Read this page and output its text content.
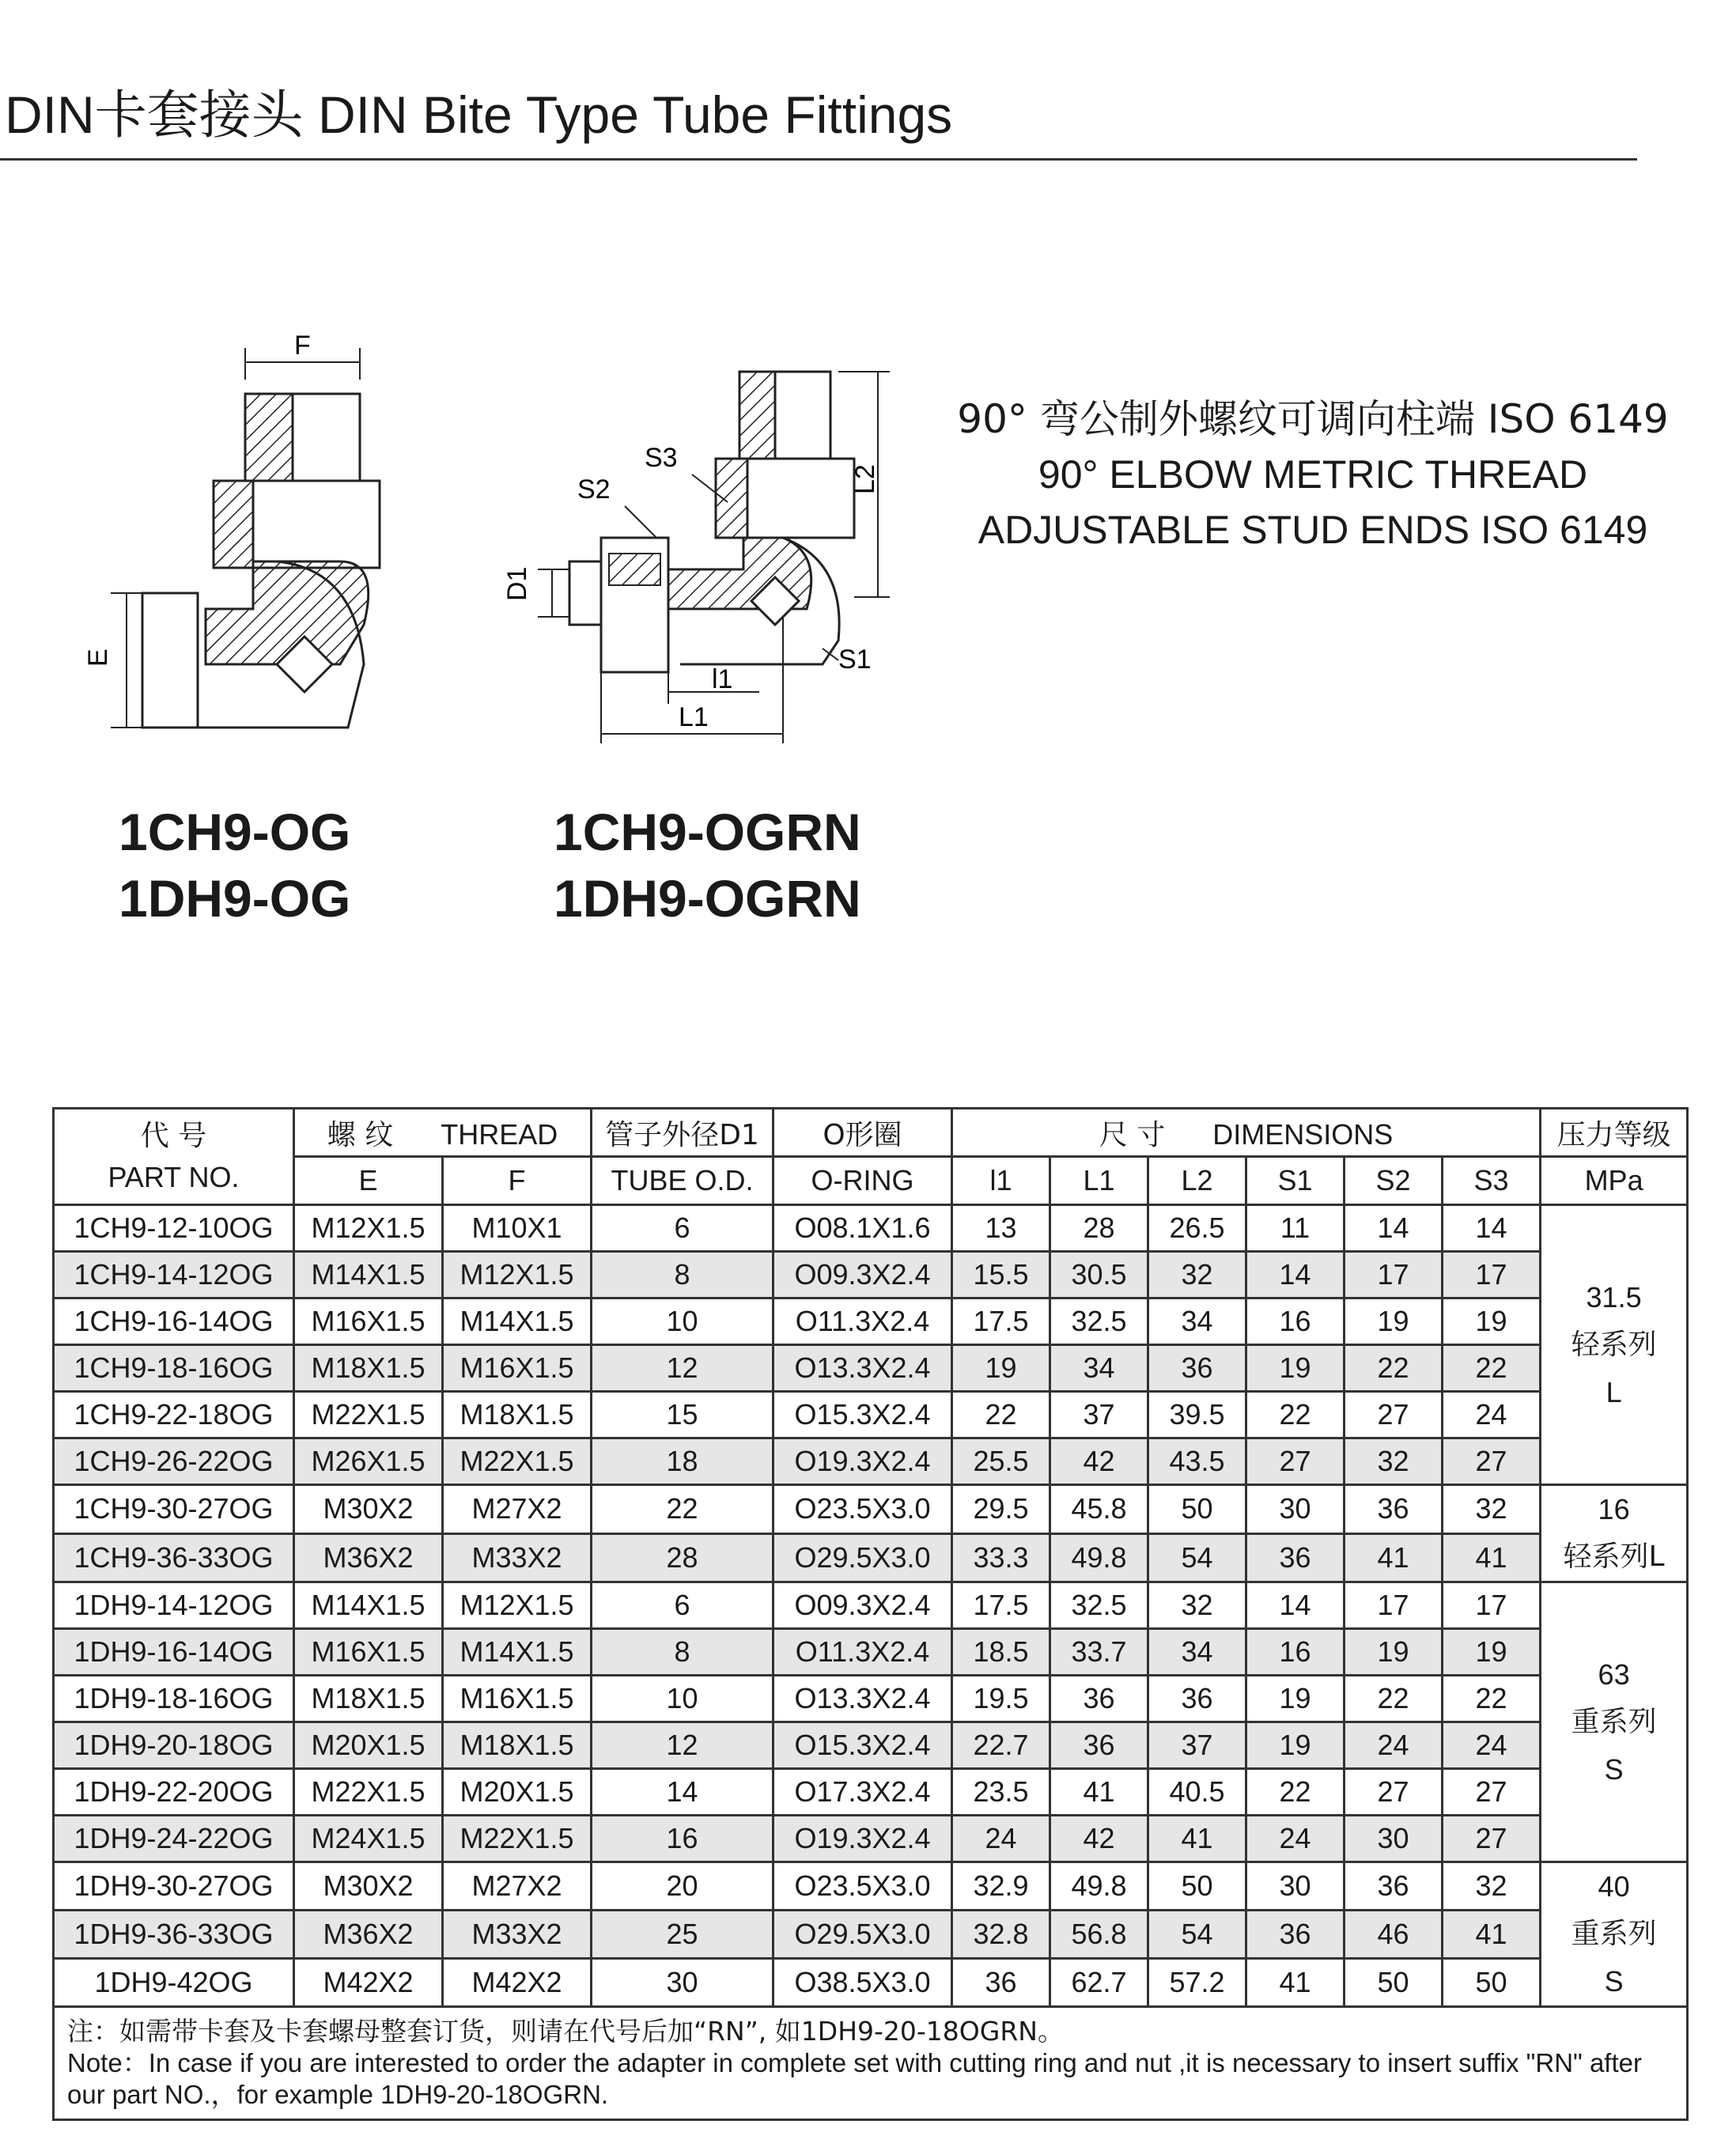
DIN卡套接头 DIN Bite Type Tube Fittings
F
E
S3
S2
D1
L2
S1
l1
L1
1CH9-OG
1DH9-OG
1CH9-OGRN
1DH9-OGRN
90° 弯公制外螺纹可调向柱端 ISO 6149
90° ELBOW METRIC THREAD
ADJUSTABLE STUD ENDS ISO 6149
代 号
PART NO.	螺 纹 THREAD		管子外径D1	O形圈	尺 寸 DIMENSIONS						压力等级
	E	F	TUBE O.D.	O-RING	l1	L1	L2	S1	S2	S3	MPa
1CH9-12-10OG	M12X1.5	M10X1	6	O08.1X1.6	13	28	26.5	11	14	14	31.5
轻系列
L

1CH9-14-12OG	M14X1.5	M12X1.5	8	O09.3X2.4	15.5	30.5	32	14	17	17	
1CH9-16-14OG	M16X1.5	M14X1.5	10	O11.3X2.4	17.5	32.5	34	16	19	19	
1CH9-18-16OG	M18X1.5	M16X1.5	12	O13.3X2.4	19	34	36	19	22	22	
1CH9-22-18OG	M22X1.5	M18X1.5	15	O15.3X2.4	22	37	39.5	22	27	24	
1CH9-26-22OG	M26X1.5	M22X1.5	18	O19.3X2.4	25.5	42	43.5	27	32	27	
1CH9-30-27OG	M30X2	M27X2	22	O23.5X3.0	29.5	45.8	50	30	36	32	16
轻系列L

1CH9-36-33OG	M36X2	M33X2	28	O29.5X3.0	33.3	49.8	54	36	41	41	
1DH9-14-12OG	M14X1.5	M12X1.5	6	O09.3X2.4	17.5	32.5	32	14	17	17	63
重系列
S

1DH9-16-14OG	M16X1.5	M14X1.5	8	O11.3X2.4	18.5	33.7	34	16	19	19	
1DH9-18-16OG	M18X1.5	M16X1.5	10	O13.3X2.4	19.5	36	36	19	22	22	
1DH9-20-18OG	M20X1.5	M18X1.5	12	O15.3X2.4	22.7	36	37	19	24	24	
1DH9-22-20OG	M22X1.5	M20X1.5	14	O17.3X2.4	23.5	41	40.5	22	27	27	
1DH9-24-22OG	M24X1.5	M22X1.5	16	O19.3X2.4	24	42	41	24	30	27	
1DH9-30-27OG	M30X2	M27X2	20	O23.5X3.0	32.9	49.8	50	30	36	32	40
重系列
S

1DH9-36-33OG	M36X2	M33X2	25	O29.5X3.0	32.8	56.8	54	36	46	41	
1DH9-42OG	M42X2	M42X2	30	O38.5X3.0	36	62.7	57.2	41	50	50	

注：如需带卡套及卡套螺母整套订货，则请在代号后加“RN”, 如1DH9-20-18OGRN。
Note：In case if you are interested to order the adapter in complete set with cutting ring and nut ,it is necessary to insert suffix "RN" after our part NO.，for example 1DH9-20-18OGRN.											
